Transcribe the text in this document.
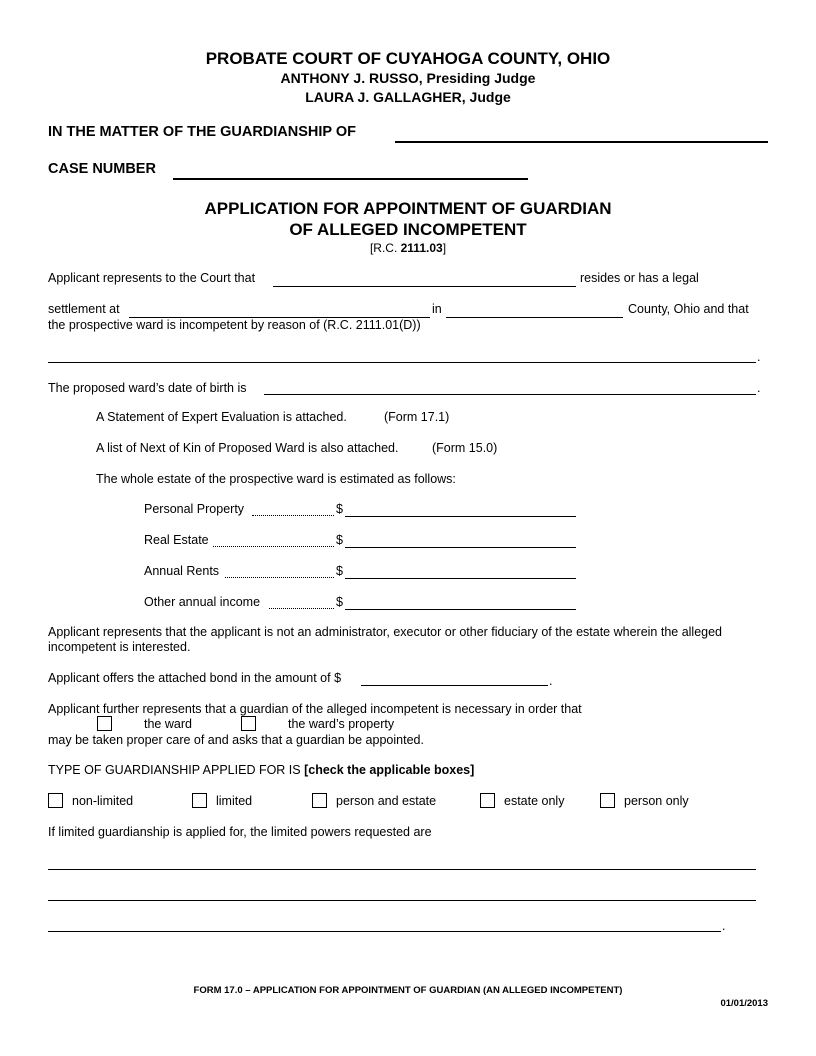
PROBATE COURT OF CUYAHOGA COUNTY, OHIO
ANTHONY J. RUSSO, Presiding Judge
LAURA J. GALLAGHER, Judge
IN THE MATTER OF THE GUARDIANSHIP OF
CASE NUMBER
APPLICATION FOR APPOINTMENT OF GUARDIAN
OF ALLEGED INCOMPETENT
[R.C. 2111.03]
Applicant represents to the Court that	resides or has a legal
settlement at	in	County, Ohio and that
the prospective ward is incompetent by reason of (R.C. 2111.01(D))
.
The proposed ward’s date of birth is	.
A Statement of Expert Evaluation is attached.	(Form 17.1)
A list of Next of Kin of Proposed Ward is also attached.	(Form 15.0)
The whole estate of the prospective ward is estimated as follows:
Personal Property	$
Real Estate	$
Annual Rents	$
Other annual income	$
Applicant represents that the applicant is not an administrator, executor or other fiduciary of the estate wherein the alleged
incompetent is interested.
Applicant offers the attached bond in the amount of $	.
Applicant further represents that a guardian of the alleged incompetent is necessary in order that
the ward	the ward’s property
may be taken proper care of and asks that a guardian be appointed.
TYPE OF GUARDIANSHIP APPLIED FOR IS [check the applicable boxes]
non-limited	limited	person and estate	estate only	person only
If limited guardianship is applied for, the limited powers requested are
.
FORM 17.0 – APPLICATION FOR APPOINTMENT OF GUARDIAN (AN ALLEGED INCOMPETENT)
01/01/2013
